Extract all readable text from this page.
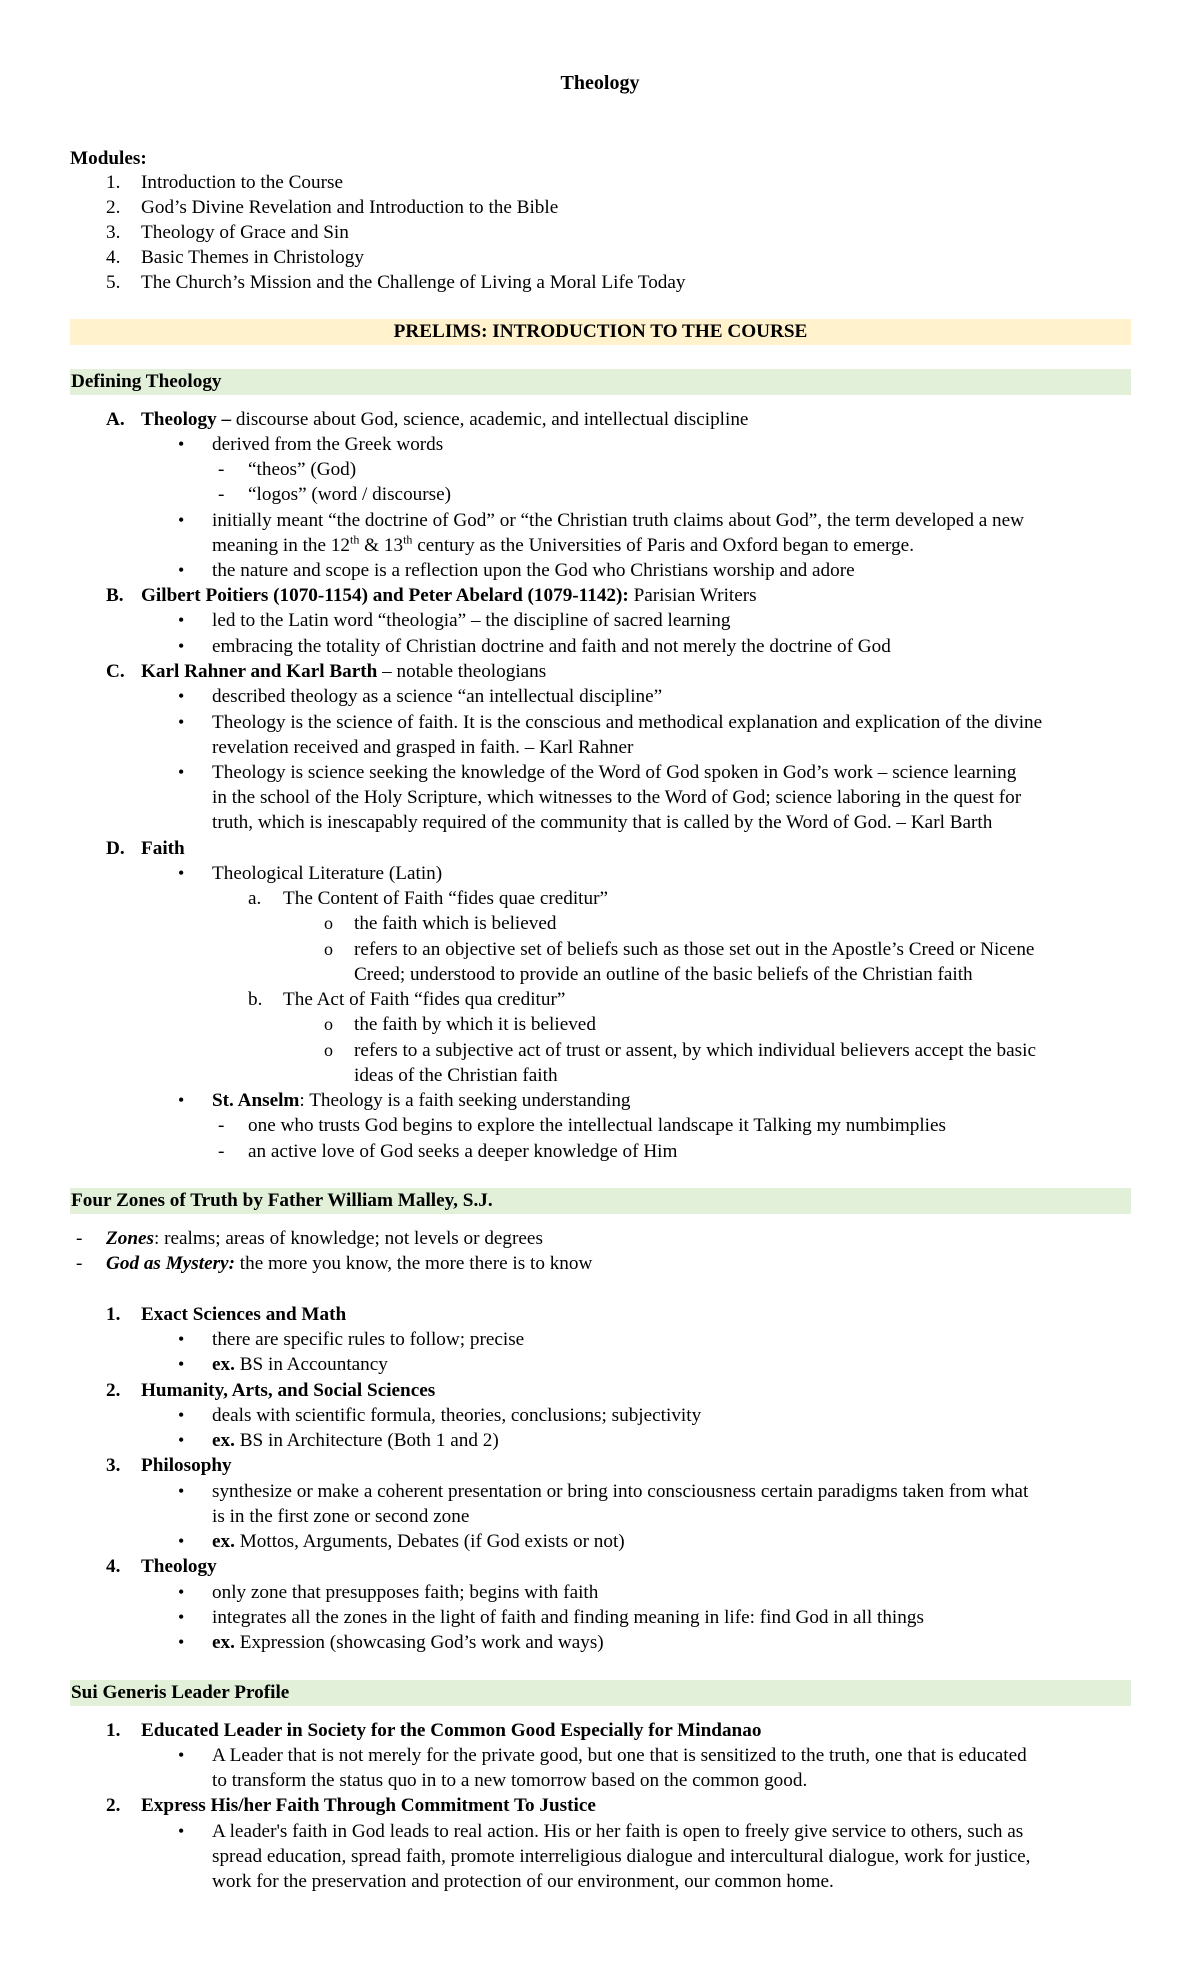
Theology
Modules:
1. Introduction to the Course
2. God’s Divine Revelation and Introduction to the Bible
3. Theology of Grace and Sin
4. Basic Themes in Christology
5. The Church’s Mission and the Challenge of Living a Moral Life Today
PRELIMS: INTRODUCTION TO THE COURSE
Defining Theology
A. Theology – discourse about God, science, academic, and intellectual discipline
• derived from the Greek words
- “theos” (God)
- “logos” (word / discourse)
• initially meant “the doctrine of God” or “the Christian truth claims about God”, the term developed a new
meaning in the 12th & 13th century as the Universities of Paris and Oxford began to emerge.
• the nature and scope is a reflection upon the God who Christians worship and adore
B. Gilbert Poitiers (1070-1154) and Peter Abelard (1079-1142): Parisian Writers
• led to the Latin word “theologia” – the discipline of sacred learning
• embracing the totality of Christian doctrine and faith and not merely the doctrine of God
C. Karl Rahner and Karl Barth – notable theologians
• described theology as a science “an intellectual discipline”
• Theology is the science of faith. It is the conscious and methodical explanation and explication of the divine
revelation received and grasped in faith. – Karl Rahner
• Theology is science seeking the knowledge of the Word of God spoken in God’s work – science learning
in the school of the Holy Scripture, which witnesses to the Word of God; science laboring in the quest for
truth, which is inescapably required of the community that is called by the Word of God. – Karl Barth
D. Faith
• Theological Literature (Latin)
a. The Content of Faith “fides quae creditur”
o the faith which is believed
o refers to an objective set of beliefs such as those set out in the Apostle’s Creed or Nicene
Creed; understood to provide an outline of the basic beliefs of the Christian faith
b. The Act of Faith “fides qua creditur”
o the faith by which it is believed
o refers to a subjective act of trust or assent, by which individual believers accept the basic
ideas of the Christian faith
• St. Anselm: Theology is a faith seeking understanding
- one who trusts God begins to explore the intellectual landscape it Talking my numbimplies
- an active love of God seeks a deeper knowledge of Him
Four Zones of Truth by Father William Malley, S.J.
- Zones: realms; areas of knowledge; not levels or degrees
- God as Mystery: the more you know, the more there is to know
1. Exact Sciences and Math
• there are specific rules to follow; precise
• ex. BS in Accountancy
2. Humanity, Arts, and Social Sciences
• deals with scientific formula, theories, conclusions; subjectivity
• ex. BS in Architecture (Both 1 and 2)
3. Philosophy
• synthesize or make a coherent presentation or bring into consciousness certain paradigms taken from what
is in the first zone or second zone
• ex. Mottos, Arguments, Debates (if God exists or not)
4. Theology
• only zone that presupposes faith; begins with faith
• integrates all the zones in the light of faith and finding meaning in life: find God in all things
• ex. Expression (showcasing God’s work and ways)
Sui Generis Leader Profile
1. Educated Leader in Society for the Common Good Especially for Mindanao
• A Leader that is not merely for the private good, but one that is sensitized to the truth, one that is educated
to transform the status quo in to a new tomorrow based on the common good.
2. Express His/her Faith Through Commitment To Justice
• A leader's faith in God leads to real action. His or her faith is open to freely give service to others, such as
spread education, spread faith, promote interreligious dialogue and intercultural dialogue, work for justice,
work for the preservation and protection of our environment, our common home.
